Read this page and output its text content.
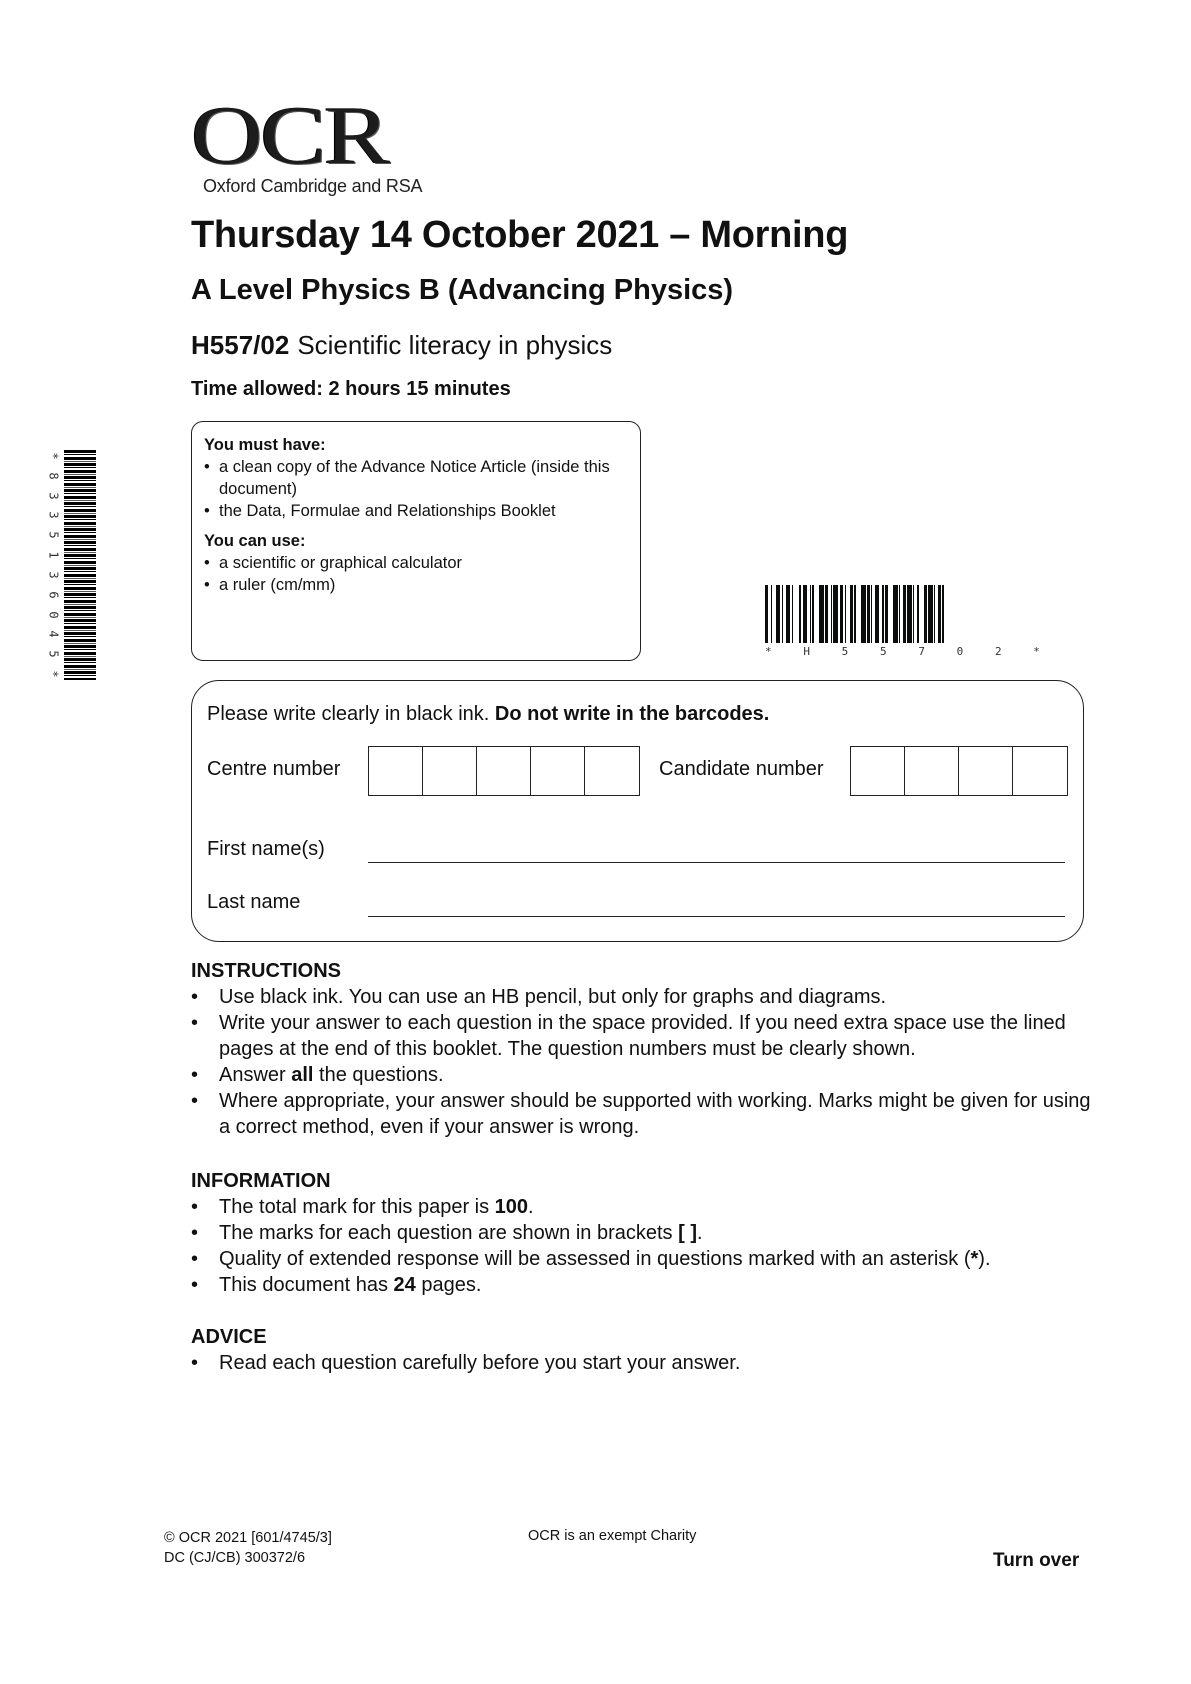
OCR
Oxford Cambridge and RSA
Thursday 14 October 2021 – Morning
A Level Physics B (Advancing Physics)
H557/02 Scientific literacy in physics
Time allowed: 2 hours 15 minutes
*
8
3
3
5
1
3
6
0
4
5
*
You must have:
• a clean copy of the Advance Notice Article (inside this document)
• the Data, Formulae and Relationships Booklet
You can use:
• a scientific or graphical calculator
• a ruler (cm/mm)
*	H	5	5	7	0	2	*
Please write clearly in black ink. Do not write in the barcodes.
Centre number	Candidate number
First name(s)
Last name
INSTRUCTIONS
• Use black ink. You can use an HB pencil, but only for graphs and diagrams.
• Write your answer to each question in the space provided. If you need extra space use the lined pages at the end of this booklet. The question numbers must be clearly shown.
• Answer all the questions.
• Where appropriate, your answer should be supported with working. Marks might be given for using a correct method, even if your answer is wrong.
INFORMATION
• The total mark for this paper is 100.
• The marks for each question are shown in brackets [ ].
• Quality of extended response will be assessed in questions marked with an asterisk (*).
• This document has 24 pages.
ADVICE
• Read each question carefully before you start your answer.
© OCR 2021 [601/4745/3]
DC (CJ/CB) 300372/6
OCR is an exempt Charity
Turn over
